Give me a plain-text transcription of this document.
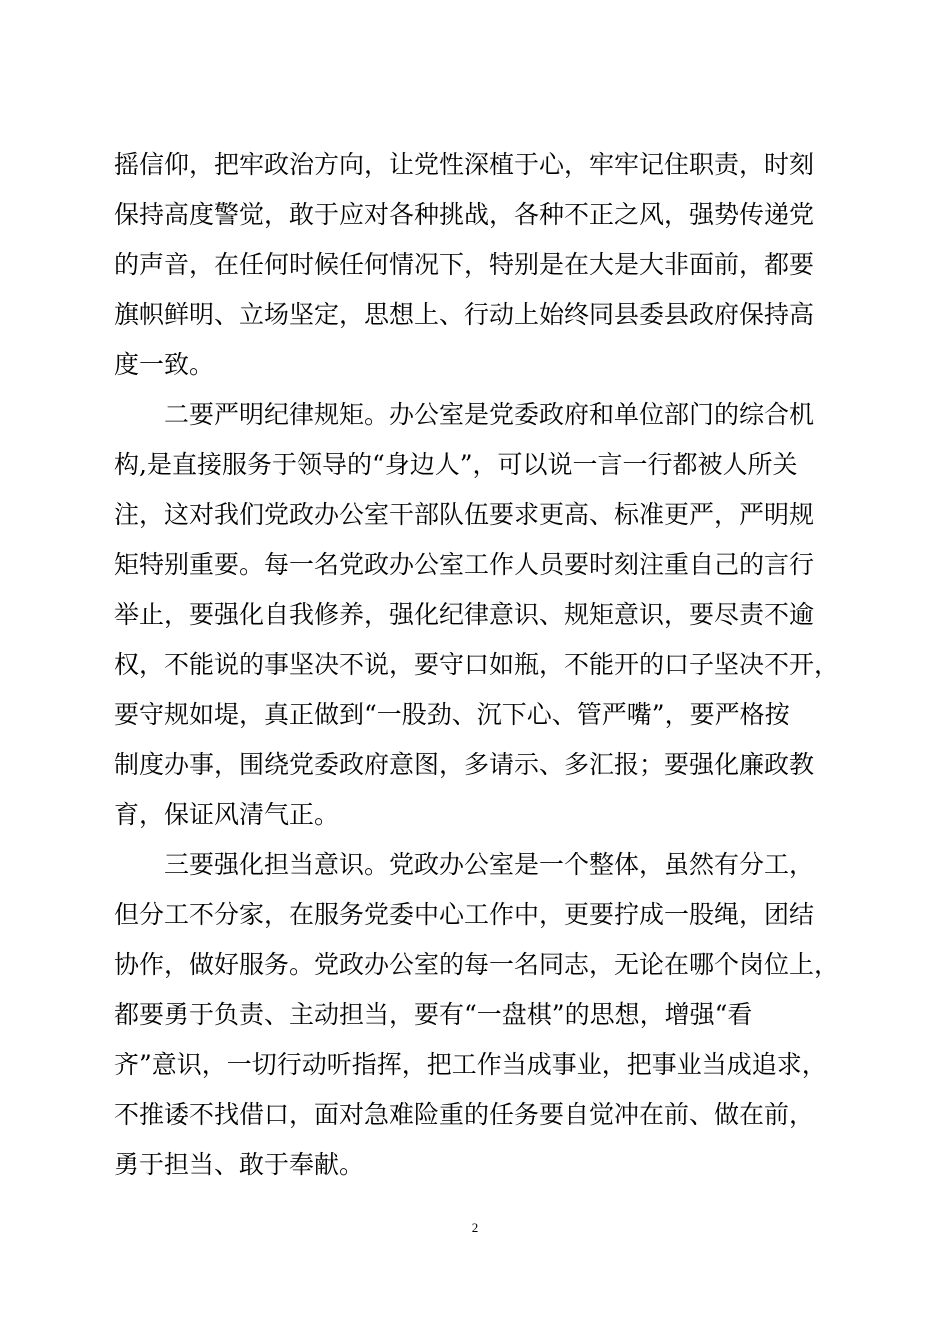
摇信仰，把牢政治方向，让党性深植于心，牢牢记住职责，时刻
保持高度警觉，敢于应对各种挑战，各种不正之风，强势传递党
的声音，在任何时候任何情况下，特别是在大是大非面前，都要
旗帜鲜明、立场坚定，思想上、行动上始终同县委县政府保持高
度一致。
二要严明纪律规矩。办公室是党委政府和单位部门的综合机
构,是直接服务于领导的“身边人”，可以说一言一行都被人所关
注，这对我们党政办公室干部队伍要求更高、标准更严，严明规
矩特别重要。每一名党政办公室工作人员要时刻注重自己的言行
举止，要强化自我修养，强化纪律意识、规矩意识，要尽责不逾
权，不能说的事坚决不说，要守口如瓶，不能开的口子坚决不开，
要守规如堤，真正做到“一股劲、沉下心、管严嘴”，要严格按
制度办事，围绕党委政府意图，多请示、多汇报；要强化廉政教
育，保证风清气正。
三要强化担当意识。党政办公室是一个整体，虽然有分工，
但分工不分家，在服务党委中心工作中，更要拧成一股绳，团结
协作，做好服务。党政办公室的每一名同志，无论在哪个岗位上，
都要勇于负责、主动担当，要有“一盘棋”的思想，增强“看
齐”意识，一切行动听指挥，把工作当成事业，把事业当成追求，
不推诿不找借口，面对急难险重的任务要自觉冲在前、做在前，
勇于担当、敢于奉献。
2
